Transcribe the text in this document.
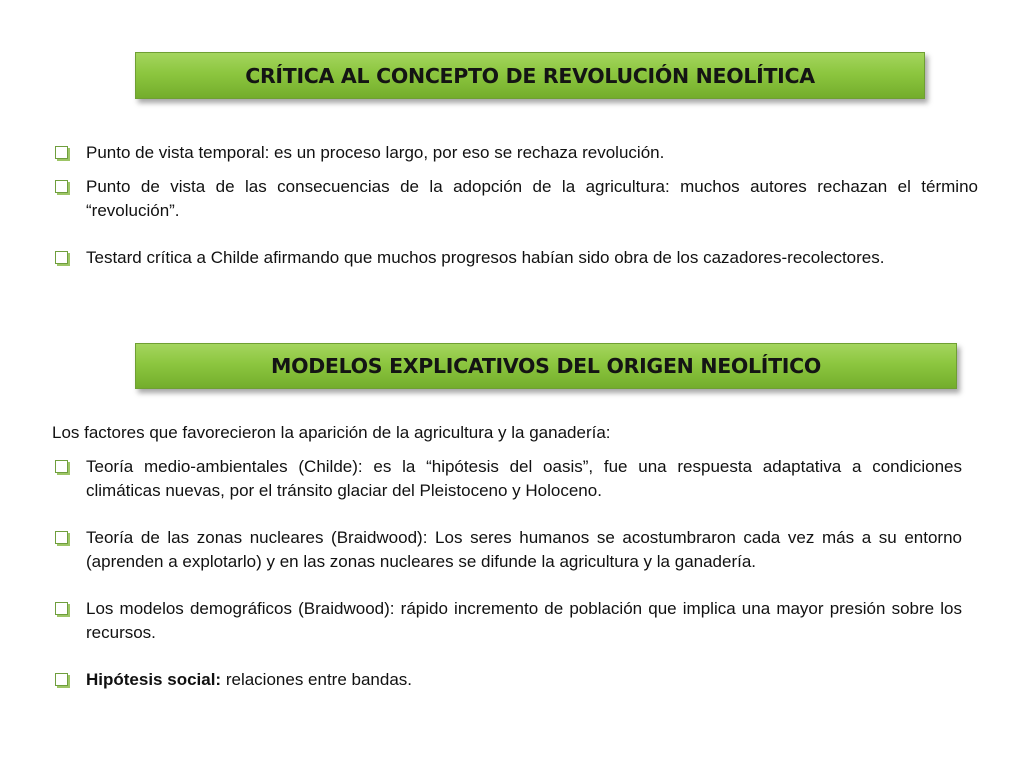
CRÍTICA AL CONCEPTO DE REVOLUCIÓN NEOLÍTICA
Punto de vista temporal: es un proceso largo, por eso se rechaza revolución.
Punto de vista de las consecuencias de la adopción de la agricultura: muchos autores rechazan el término “revolución”.
Testard crítica a Childe afirmando que muchos progresos habían sido obra de los cazadores-recolectores.
MODELOS EXPLICATIVOS DEL ORIGEN NEOLÍTICO
Los factores que favorecieron la aparición de la agricultura y la ganadería:
Teoría medio-ambientales (Childe): es la “hipótesis del oasis”, fue una respuesta adaptativa a condiciones climáticas nuevas, por el tránsito glaciar del Pleistoceno y Holoceno.
Teoría de las zonas nucleares (Braidwood): Los seres humanos se acostumbraron cada vez más a su entorno (aprenden a explotarlo) y en las zonas nucleares se difunde la agricultura y la ganadería.
Los modelos demográficos (Braidwood): rápido incremento de población que implica una mayor presión sobre los recursos.
Hipótesis social: relaciones entre bandas.
